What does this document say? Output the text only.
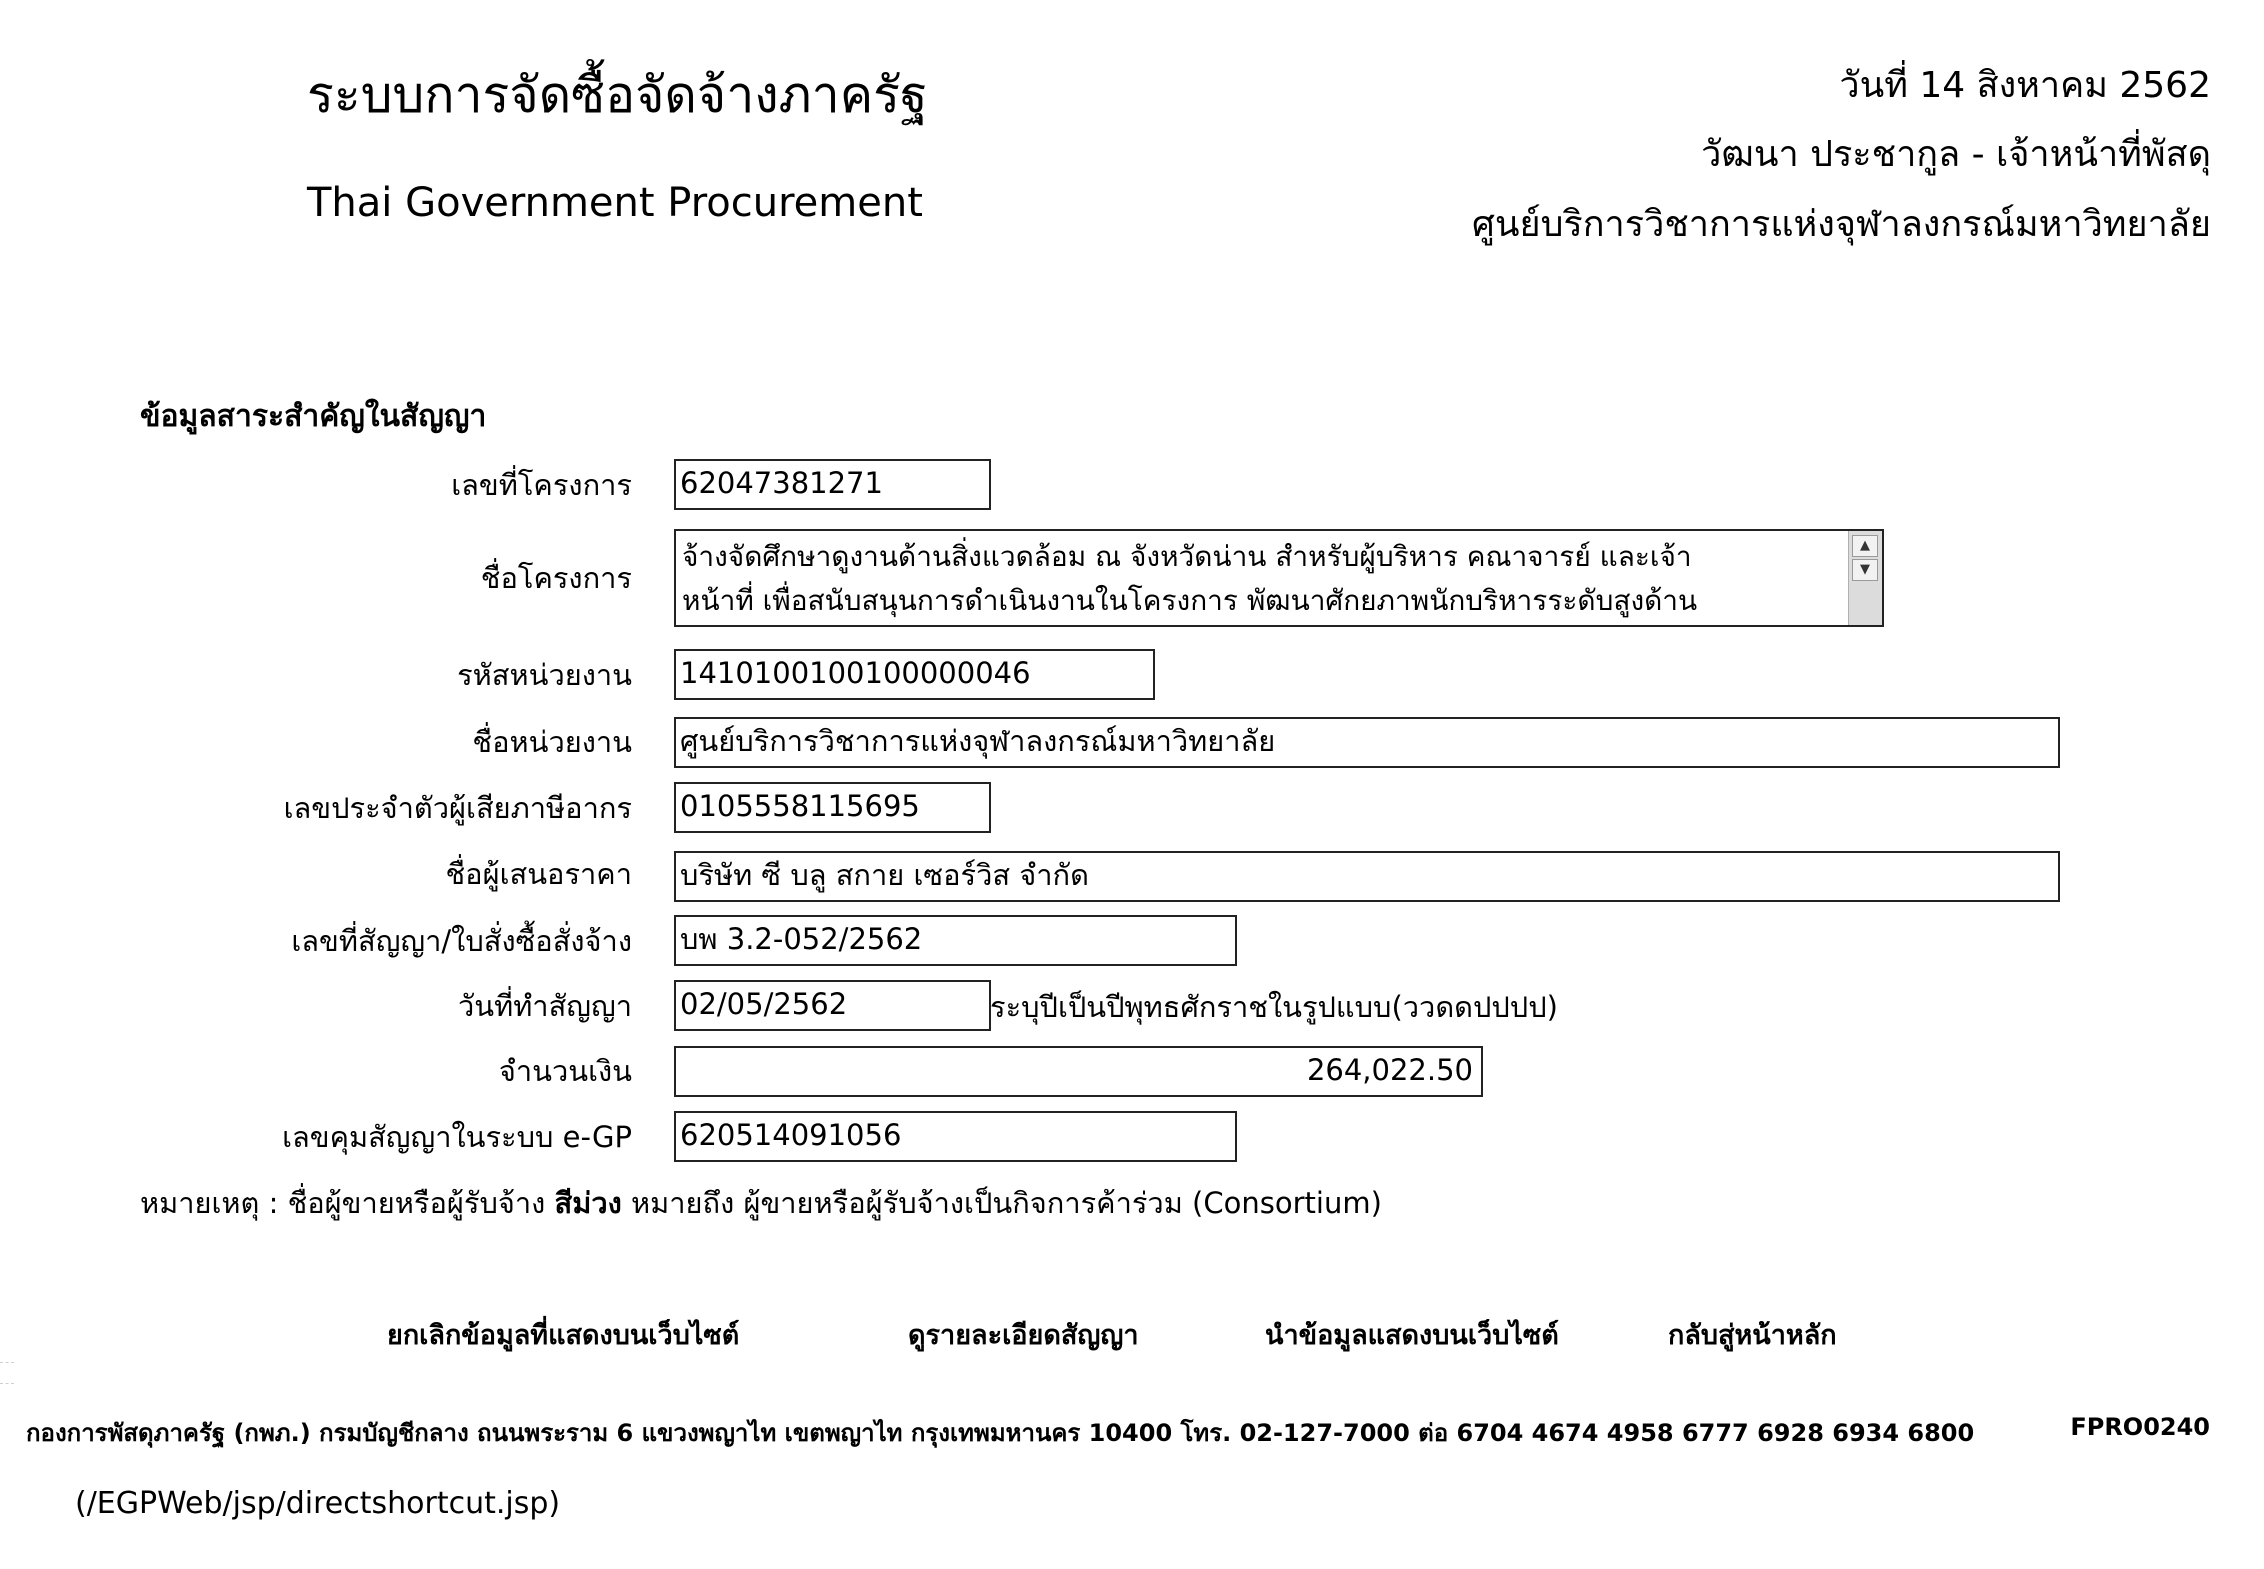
ระบบการจัดซื้อจัดจ้างภาครัฐ
Thai Government Procurement
วันที่ 14 สิงหาคม 2562
วัฒนา ประชากูล - เจ้าหน้าที่พัสดุ
ศูนย์บริการวิชาการแห่งจุฬาลงกรณ์มหาวิทยาลัย
ข้อมูลสาระสำคัญในสัญญา
เลขที่โครงการ 62047381271
ชื่อโครงการ
จ้างจัดศึกษาดูงานด้านสิ่งแวดล้อม ณ จังหวัดน่าน สำหรับผู้บริหาร คณาจารย์ และเจ้า
หน้าที่ เพื่อสนับสนุนการดำเนินงานในโครงการ พัฒนาศักยภาพนักบริหารระดับสูงด้าน
▲
▼
รหัสหน่วยงาน 1410100100100000046
ชื่อหน่วยงาน ศูนย์บริการวิชาการแห่งจุฬาลงกรณ์มหาวิทยาลัย
เลขประจำตัวผู้เสียภาษีอากร 0105558115695
ชื่อผู้เสนอราคา บริษัท ซี บลู สกาย เซอร์วิส จำกัด
เลขที่สัญญา/ใบสั่งซื้อสั่งจ้าง บพ 3.2-052/2562
วันที่ทำสัญญา 02/05/2562	ระบุปีเป็นปีพุทธศักราชในรูปแบบ(ววดดปปปป)
จำนวนเงิน	264,022.50
เลขคุมสัญญาในระบบ e-GP 620514091056
หมายเหตุ : ชื่อผู้ขายหรือผู้รับจ้าง สีม่วง หมายถึง ผู้ขายหรือผู้รับจ้างเป็นกิจการค้าร่วม (Consortium)
ยกเลิกข้อมูลที่แสดงบนเว็บไซต์	ดูรายละเอียดสัญญา	นำข้อมูลแสดงบนเว็บไซต์	กลับสู่หน้าหลัก
กองการพัสดุภาครัฐ (กพภ.) กรมบัญชีกลาง ถนนพระราม 6 แขวงพญาไท เขตพญาไท กรุงเทพมหานคร 10400 โทร. 02-127-7000 ต่อ 6704 4674 4958 6777 6928 6934 6800	FPRO0240
(/EGPWeb/jsp/directshortcut.jsp)
